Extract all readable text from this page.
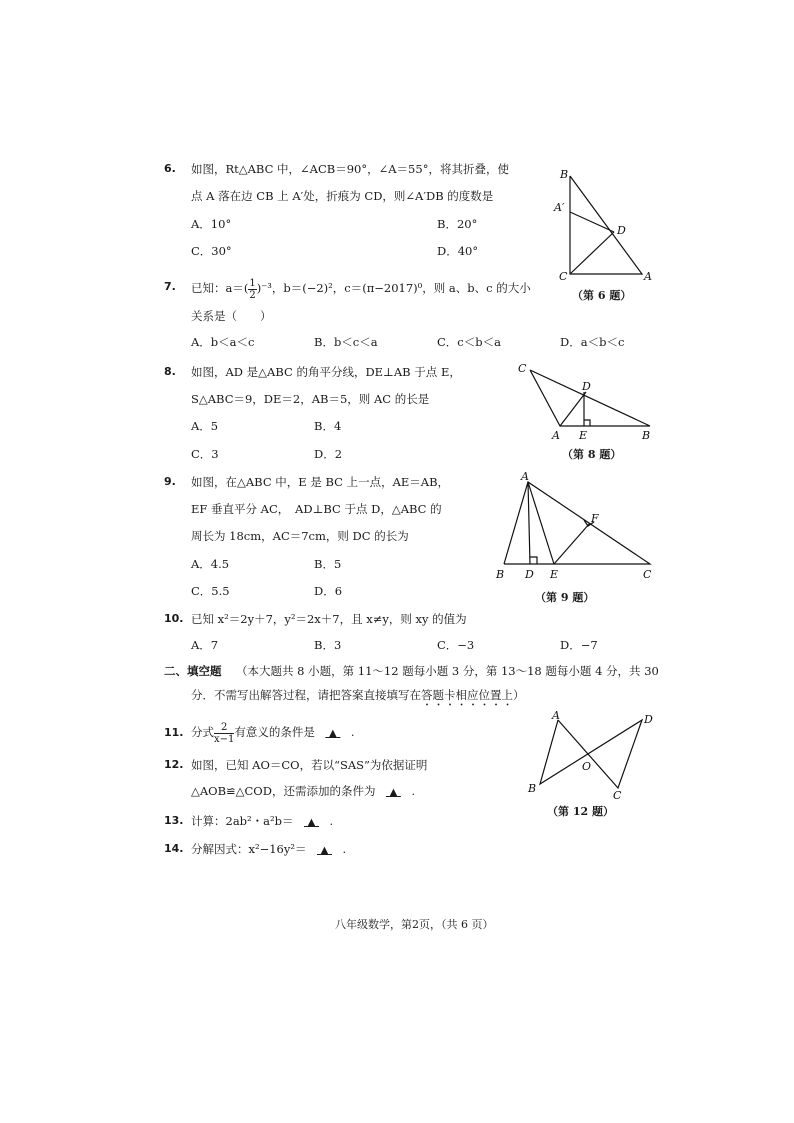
6. 如图，Rt△ABC 中，∠ACB＝90°，∠A＝55°，将其折叠，使
点 A 落在边 CB 上 A′处，折痕为 CD，则∠A′DB 的度数是
A．10°	B．20°
C．30°	D．40°
B
A′
D
C	A
（第 6 题）
7. 已知：$a=( \frac{1}{2} )^{-3}$，b＝(−2)²，c＝(π−2017)⁰，则 a、b、c 的大小
关系是（　　）
A．b＜a＜c	B．b＜c＜a	C．c＜b＜a	D．a＜b＜c
8. 如图，AD 是△ABC 的角平分线，DE⊥AB 于点 E，
S△ABC＝9，DE＝2，AB＝5，则 AC 的长是
A．5	B．4
C．3	D．2
C
D
A E	B
（第 8 题）
9. 如图，在△ABC 中，E 是 BC 上一点，AE＝AB，
EF 垂直平分 AC，　AD⊥BC 于点 D，△ABC 的
周长为 18cm，AC＝7cm，则 DC 的长为
A．4.5	B．5
C．5.5	D．6
A
F
B D E	C
（第 9 题）
10. 已知 x²＝2y＋7，y²＝2x＋7，且 x≠y，则 xy 的值为
A．7	B．3	C．−3	D．−7
二、填空题 （本大题共 8 小题，第 11～12 题每小题 3 分，第 13～18 题每小题 4 分，共 30
分．不需写出解答过程，请把答案直接填写在答题卡相应位置上）
11. 分式 $\frac{2}{x-1}$ 有意义的条件是 ▲ .
12. 如图，已知 AO＝CO，若以“SAS”为依据证明
△AOB≌△COD，还需添加的条件为 ▲ .
A	D
O
B
C
（第 12 题）
13. 计算：2ab²・a²b＝ ▲ .
14. 分解因式：x²−16y²＝ ▲ .
八年级数学，第2页，（共 6 页）
